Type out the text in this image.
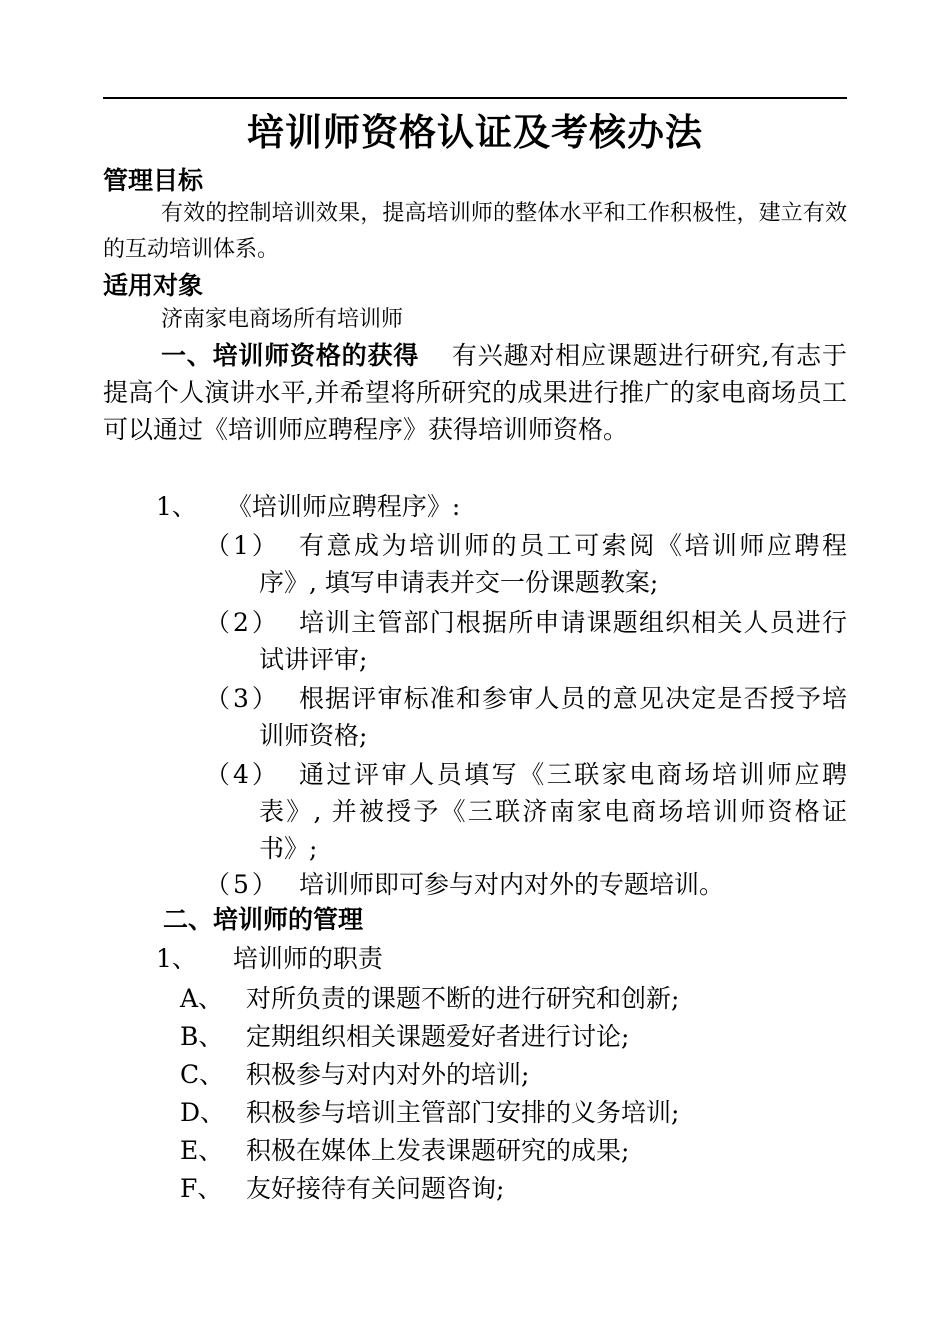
培训师资格认证及考核办法
管理目标

有效的控制培训效果，提高培训师的整体水平和工作积极性，建立有效的互动培训体系。

适用对象

济南家电商场所有培训师

一、培训师资格的获得 有兴趣对相应课题进行研究,有志于提高个人演讲水平,并希望将所研究的成果进行推广的家电商场员工可以通过《培训师应聘程序》获得培训师资格。
1、 《培训师应聘程序》:
（1） 有意成为培训师的员工可索阅《培训师应聘程序》, 填写申请表并交一份课题教案;
（2） 培训主管部门根据所申请课题组织相关人员进行试讲评审;
（3） 根据评审标准和参审人员的意见决定是否授予培训师资格;
（4） 通过评审人员填写《三联家电商场培训师应聘表》, 并被授予《三联济南家电商场培训师资格证书》;
（5） 培训师即可参与对内对外的专题培训。
二、培训师的管理
1、 培训师的职责
A、 对所负责的课题不断的进行研究和创新;
B、 定期组织相关课题爱好者进行讨论;
C、 积极参与对内对外的培训;
D、 积极参与培训主管部门安排的义务培训;
E、 积极在媒体上发表课题研究的成果;
F、 友好接待有关问题咨询;
